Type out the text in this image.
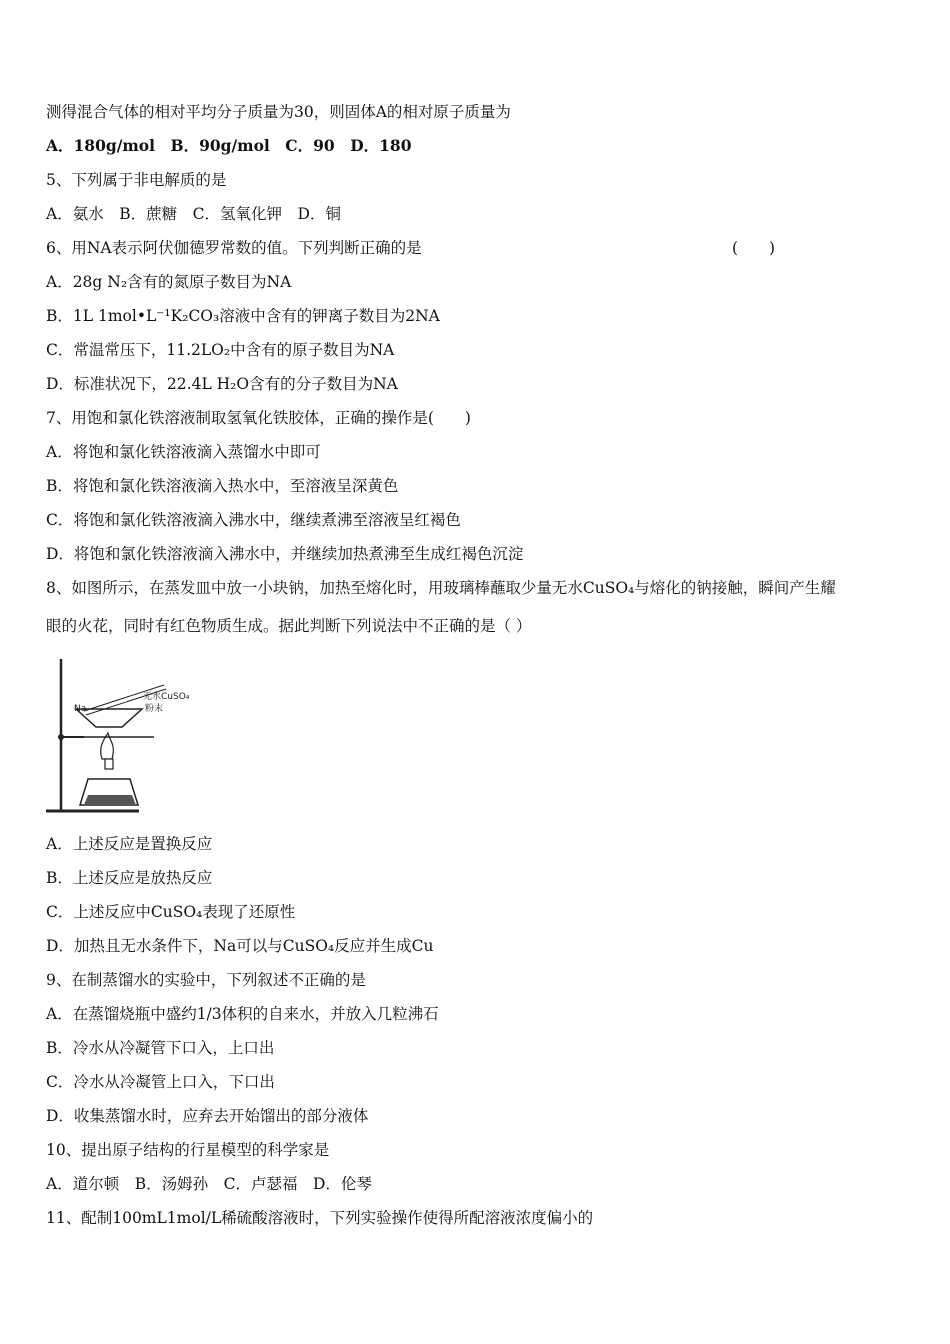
测得混合气体的相对平均分子质量为30，则固体A的相对原子质量为
A．180g/mol　B．90g/mol　C．90　D．180
5、下列属于非电解质的是
A．氨水　B．蔗糖　C．氢氧化钾　D．铜
6、用NA表示阿伏伽德罗常数的值。下列判断正确的是	(　　)
A．28g N₂含有的氮原子数目为NA
B．1L 1mol•L⁻¹K₂CO₃溶液中含有的钾离子数目为2NA
C．常温常压下，11.2LO₂中含有的原子数目为NA
D．标准状况下，22.4L H₂O含有的分子数目为NA
7、用饱和氯化铁溶液制取氢氧化铁胶体，正确的操作是(　　)
A．将饱和氯化铁溶液滴入蒸馏水中即可
B．将饱和氯化铁溶液滴入热水中，至溶液呈深黄色
C．将饱和氯化铁溶液滴入沸水中，继续煮沸至溶液呈红褐色
D．将饱和氯化铁溶液滴入沸水中，并继续加热煮沸至生成红褐色沉淀
8、如图所示，在蒸发皿中放一小块钠，加热至熔化时，用玻璃棒蘸取少量无水CuSO₄与熔化的钠接触，瞬间产生耀
眼的火花，同时有红色物质生成。据此判断下列说法中不正确的是（ ）
无水CuSO₄
粉末
Na
A．上述反应是置换反应
B．上述反应是放热反应
C．上述反应中CuSO₄表现了还原性
D．加热且无水条件下，Na可以与CuSO₄反应并生成Cu
9、在制蒸馏水的实验中，下列叙述不正确的是
A．在蒸馏烧瓶中盛约1/3体积的自来水，并放入几粒沸石
B．冷水从冷凝管下口入，上口出
C．冷水从冷凝管上口入，下口出
D．收集蒸馏水时，应弃去开始馏出的部分液体
10、提出原子结构的行星模型的科学家是
A．道尔顿　B．汤姆孙　C．卢瑟福　D．伦琴
11、配制100mL1mol/L稀硫酸溶液时，下列实验操作使得所配溶液浓度偏小的
